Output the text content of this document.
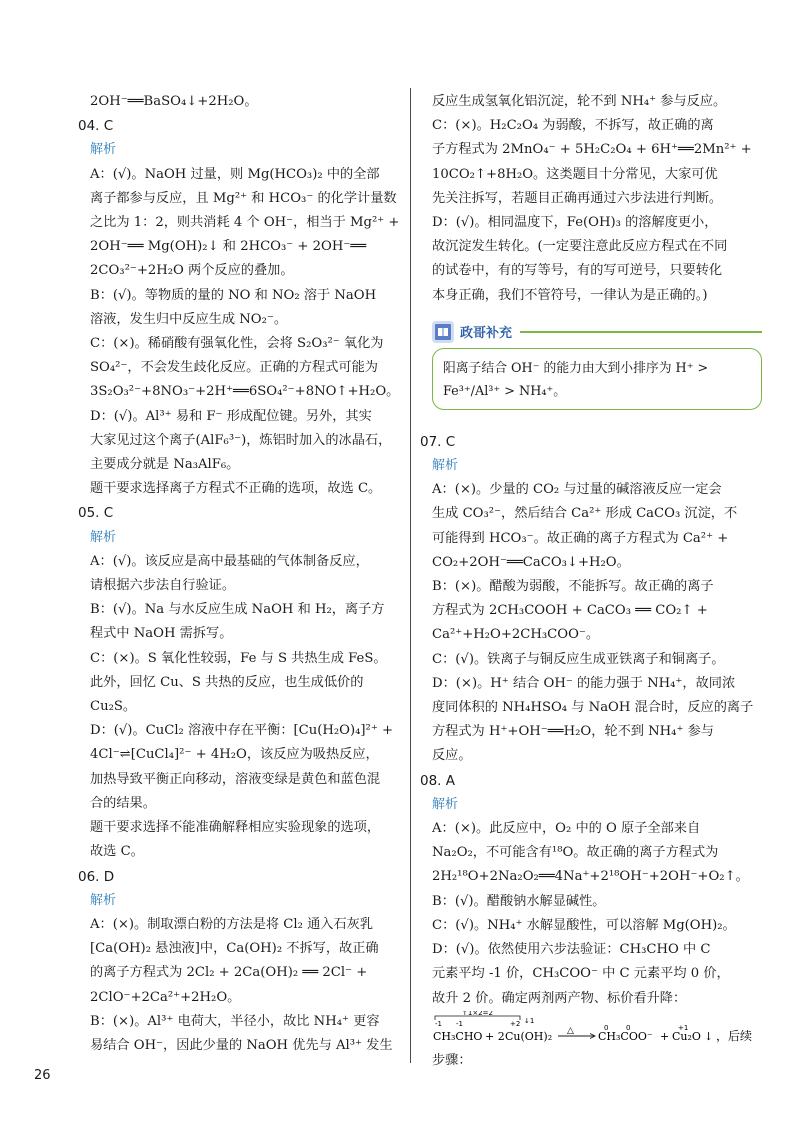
2OH⁻══BaSO₄↓+2H₂O。
04. C
解析
A：(√)。NaOH 过量，则 Mg(HCO₃)₂ 中的全部
离子都参与反应，且 Mg²⁺ 和 HCO₃⁻ 的化学计量数
之比为 1：2，则共消耗 4 个 OH⁻，相当于 Mg²⁺ +
2OH⁻══ Mg(OH)₂↓ 和 2HCO₃⁻ + 2OH⁻══
2CO₃²⁻+2H₂O 两个反应的叠加。
B：(√)。等物质的量的 NO 和 NO₂ 溶于 NaOH
溶液，发生归中反应生成 NO₂⁻。
C：(×)。稀硝酸有强氧化性，会将 S₂O₃²⁻ 氧化为
SO₄²⁻，不会发生歧化反应。正确的方程式可能为
3S₂O₃²⁻+8NO₃⁻+2H⁺══6SO₄²⁻+8NO↑+H₂O。
D：(√)。Al³⁺ 易和 F⁻ 形成配位键。另外，其实
大家见过这个离子(AlF₆³⁻)，炼铝时加入的冰晶石，
主要成分就是 Na₃AlF₆。
题干要求选择离子方程式不正确的选项，故选 C。
05. C
解析
A：(√)。该反应是高中最基础的气体制备反应，
请根据六步法自行验证。
B：(√)。Na 与水反应生成 NaOH 和 H₂，离子方
程式中 NaOH 需拆写。
C：(×)。S 氧化性较弱，Fe 与 S 共热生成 FeS。
此外，回忆 Cu、S 共热的反应，也生成低价的
Cu₂S。
D：(√)。CuCl₂ 溶液中存在平衡：[Cu(H₂O)₄]²⁺ +
4Cl⁻⇌[CuCl₄]²⁻ + 4H₂O，该反应为吸热反应，
加热导致平衡正向移动，溶液变绿是黄色和蓝色混
合的结果。
题干要求选择不能准确解释相应实验现象的选项，
故选 C。
06. D
解析
A：(×)。制取漂白粉的方法是将 Cl₂ 通入石灰乳
[Ca(OH)₂ 悬浊液]中，Ca(OH)₂ 不拆写，故正确
的离子方程式为 2Cl₂ + 2Ca(OH)₂ ══ 2Cl⁻ +
2ClO⁻+2Ca²⁺+2H₂O。
B：(×)。Al³⁺ 电荷大，半径小，故比 NH₄⁺ 更容
易结合 OH⁻，因此少量的 NaOH 优先与 Al³⁺ 发生
反应生成氢氧化铝沉淀，轮不到 NH₄⁺ 参与反应。
C：(×)。H₂C₂O₄ 为弱酸，不拆写，故正确的离
子方程式为 2MnO₄⁻ + 5H₂C₂O₄ + 6H⁺══2Mn²⁺ +
10CO₂↑+8H₂O。这类题目十分常见，大家可优
先关注拆写，若题目正确再通过六步法进行判断。
D：(√)。相同温度下，Fe(OH)₃ 的溶解度更小，
故沉淀发生转化。(一定要注意此反应方程式在不同
的试卷中，有的写等号，有的写可逆号，只要转化
本身正确，我们不管符号，一律认为是正确的。)
政哥补充
阳离子结合 OH⁻ 的能力由大到小排序为 H⁺ >
Fe³⁺/Al³⁺ > NH₄⁺。
07. C
解析
A：(×)。少量的 CO₂ 与过量的碱溶液反应一定会
生成 CO₃²⁻，然后结合 Ca²⁺ 形成 CaCO₃ 沉淀，不
可能得到 HCO₃⁻。故正确的离子方程式为 Ca²⁺ +
CO₂+2OH⁻══CaCO₃↓+H₂O。
B：(×)。醋酸为弱酸，不能拆写。故正确的离子
方程式为 2CH₃COOH + CaCO₃ ══ CO₂↑ +
Ca²⁺+H₂O+2CH₃COO⁻。
C：(√)。铁离子与铜反应生成亚铁离子和铜离子。
D：(×)。H⁺ 结合 OH⁻ 的能力强于 NH₄⁺，故同浓
度同体积的 NH₄HSO₄ 与 NaOH 混合时，反应的离子
方程式为 H⁺+OH⁻══H₂O，轮不到 NH₄⁺ 参与
反应。
08. A
解析
A：(×)。此反应中，O₂ 中的 O 原子全部来自
Na₂O₂，不可能含有¹⁸O。故正确的离子方程式为
2H₂¹⁸O+2Na₂O₂══4Na⁺+2¹⁸OH⁻+2OH⁻+O₂↑。
B：(√)。醋酸钠水解显碱性。
C：(√)。NH₄⁺ 水解显酸性，可以溶解 Mg(OH)₂。
D：(√)。依然使用六步法验证：CH₃CHO 中 C
元素平均 -1 价，CH₃COO⁻ 中 C 元素平均 0 价，
故升 2 价。确定两剂两产物、标价看升降：
↑1×2=2
-1 -1	+2 ↓1
0	0	+1
CH₃CHO + 2 Cu(OH)₂ △ CH₃COO⁻ + Cu₂O ↓ ，后续
步骤：
26
